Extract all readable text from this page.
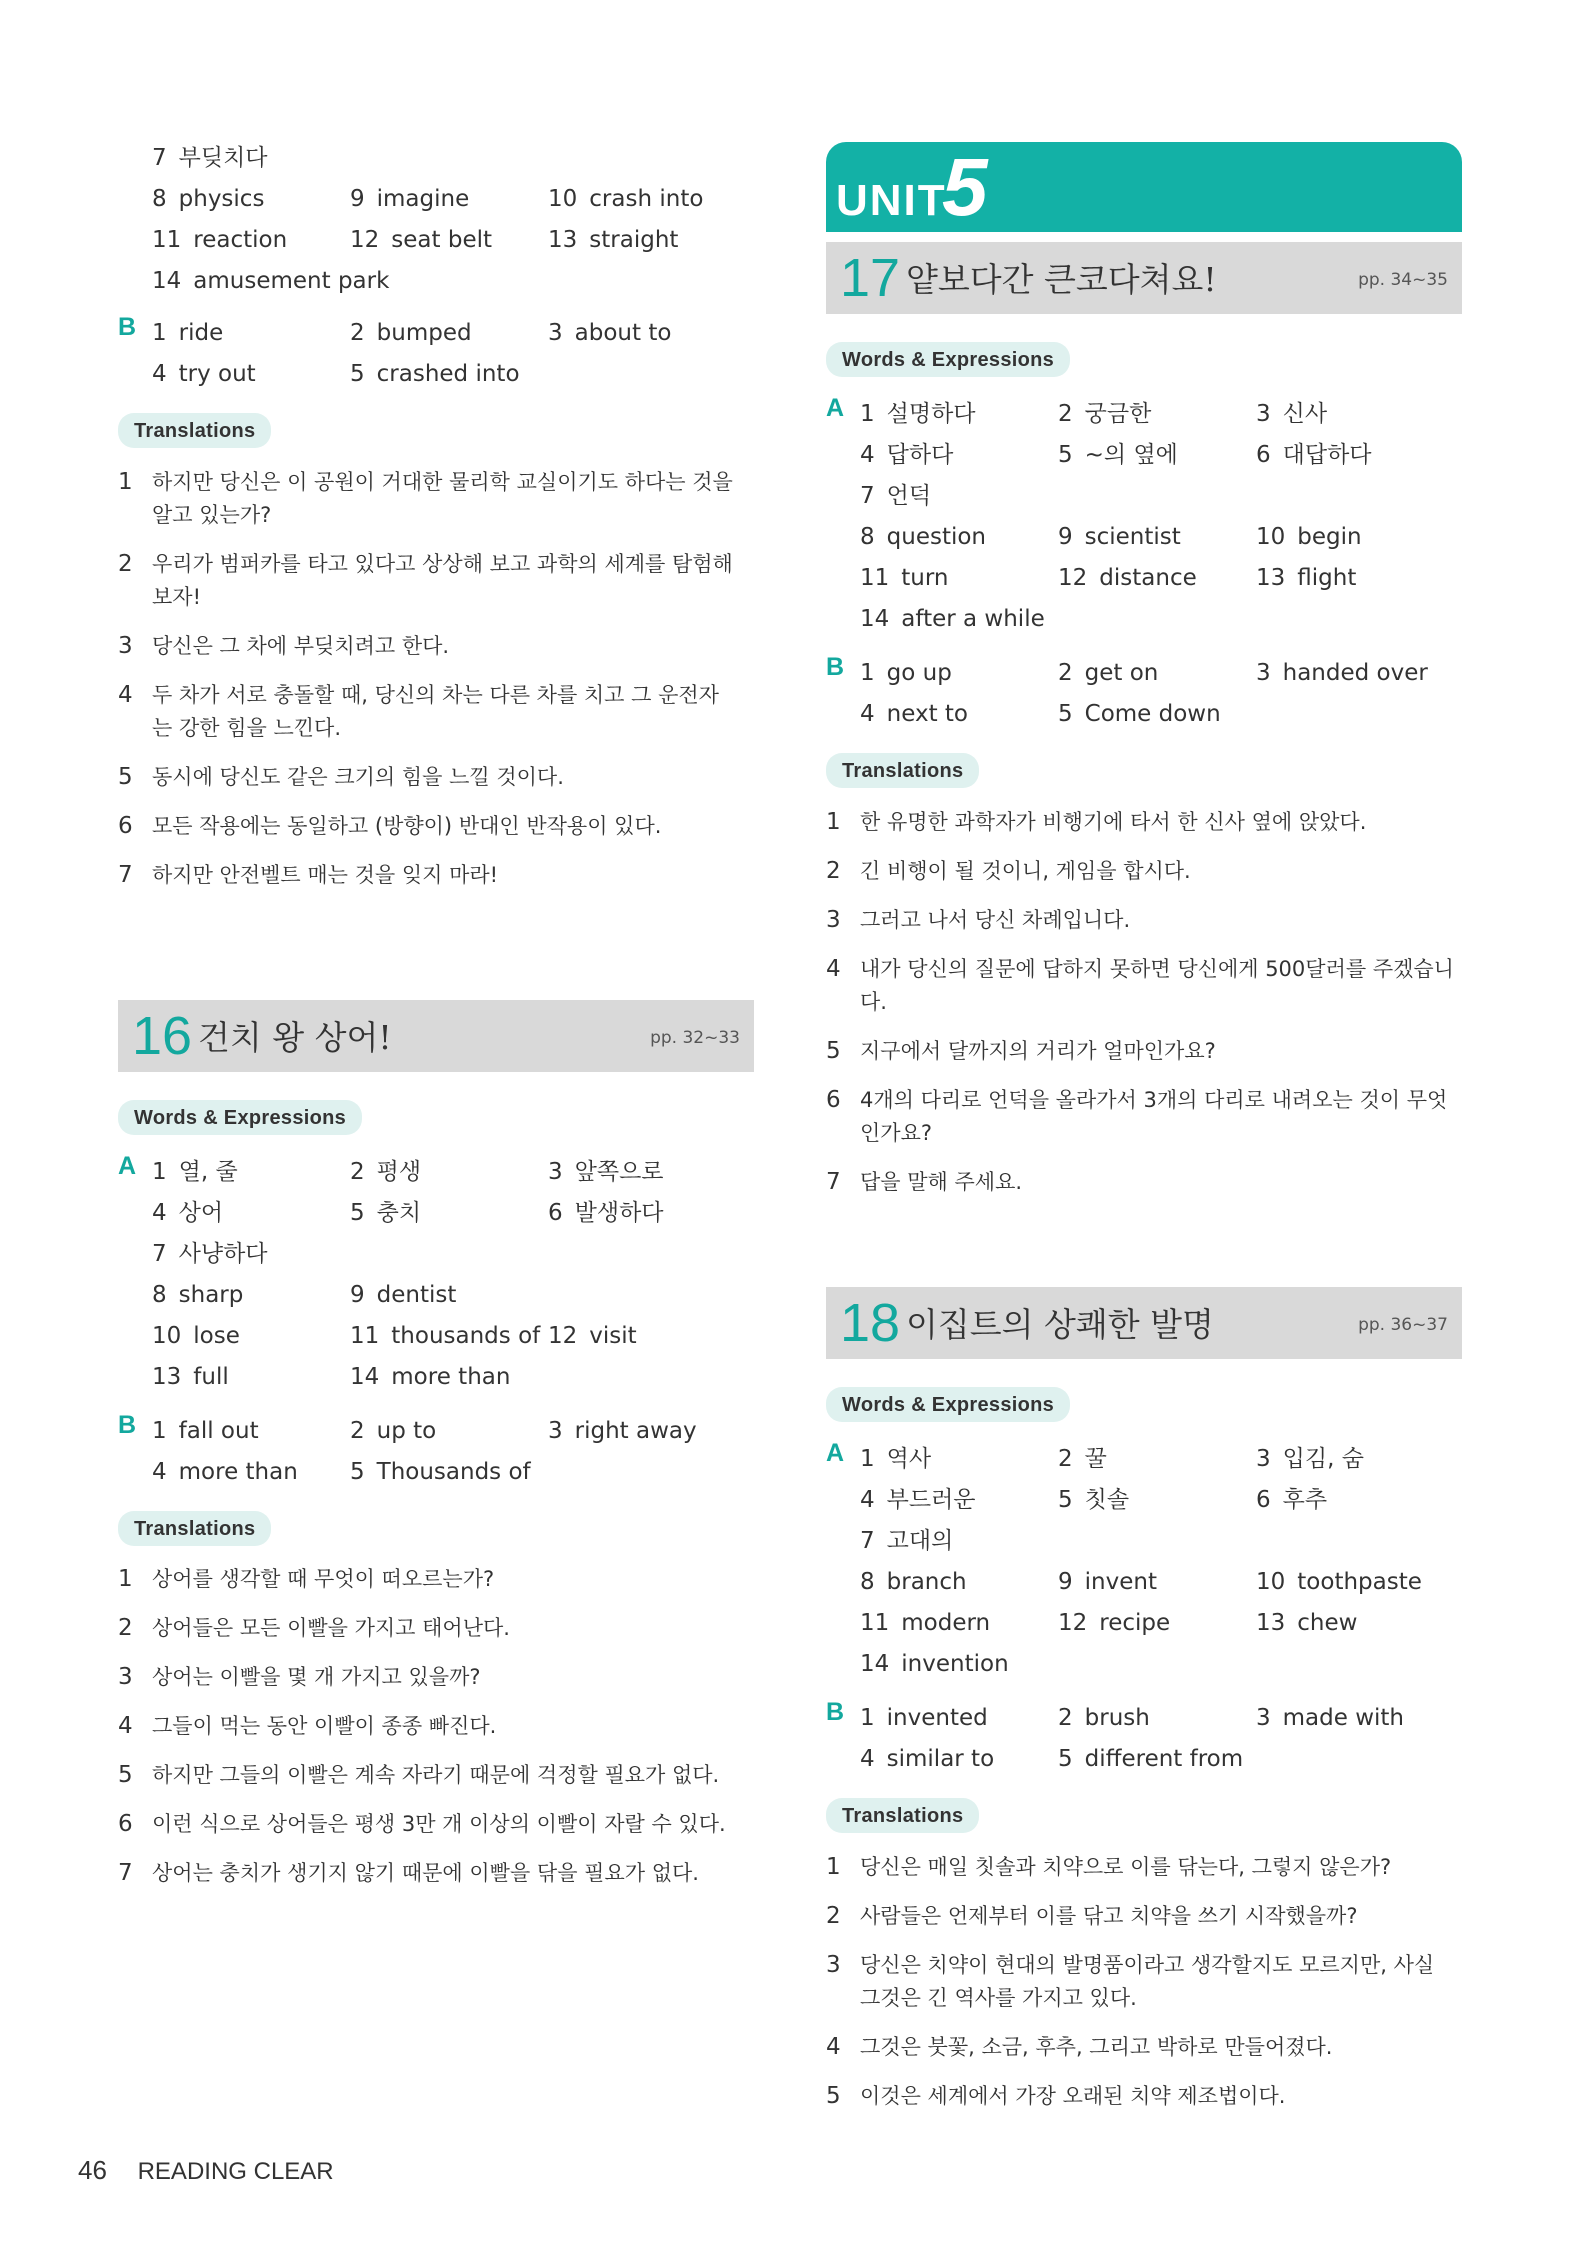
7 부딪치다
8 physics	9 imagine	10 crash into
11 reaction	12 seat belt 13 straight
14 amusement park
B 1 ride	2 bumped	3 about to
4 try out	5 crashed into
Translations
1 하지만 당신은 이 공원이 거대한 물리학 교실이기도 하다는 것을 알고 있는가?
2 우리가 범퍼카를 타고 있다고 상상해 보고 과학의 세계를 탐험해 보자!
3 당신은 그 차에 부딪치려고 한다.
4 두 차가 서로 충돌할 때, 당신의 차는 다른 차를 치고 그 운전자는 강한 힘을 느낀다.
5 동시에 당신도 같은 크기의 힘을 느낄 것이다.
6 모든 작용에는 동일하고 (방향이) 반대인 반작용이 있다.
7 하지만 안전벨트 매는 것을 잊지 마라!
16 건치 왕 상어!	pp. 32~33
Words & Expressions
A 1 열, 줄	2 평생	3 앞쪽으로
4 상어	5 충치	6 발생하다
7 사냥하다
8 sharp	9 dentist
10 lose	11 thousands of 12 visit
13 full	14 more than
B 1 fall out	2 up to	3 right away
4 more than 5 Thousands of
Translations
1 상어를 생각할 때 무엇이 떠오르는가?
2 상어들은 모든 이빨을 가지고 태어난다.
3 상어는 이빨을 몇 개 가지고 있을까?
4 그들이 먹는 동안 이빨이 종종 빠진다.
5 하지만 그들의 이빨은 계속 자라기 때문에 걱정할 필요가 없다.
6 이런 식으로 상어들은 평생 3만 개 이상의 이빨이 자랄 수 있다.
7 상어는 충치가 생기지 않기 때문에 이빨을 닦을 필요가 없다.
UNIT
5
17 얕보다간 큰코다쳐요!	pp. 34~35
Words & Expressions
A 1 설명하다	2 궁금한	3 신사
4 답하다	5 ~의 옆에	6 대답하다
7 언덕
8 question	9 scientist	10 begin
11 turn	12 distance	13 flight
14 after a while
B 1 go up	2 get on	3 handed over
4 next to	5 Come down
Translations
1 한 유명한 과학자가 비행기에 타서 한 신사 옆에 앉았다.
2 긴 비행이 될 것이니, 게임을 합시다.
3 그러고 나서 당신 차례입니다.
4 내가 당신의 질문에 답하지 못하면 당신에게 500달러를 주겠습니다.
5 지구에서 달까지의 거리가 얼마인가요?
6 4개의 다리로 언덕을 올라가서 3개의 다리로 내려오는 것이 무엇인가요?
7 답을 말해 주세요.
18 이집트의 상쾌한 발명	pp. 36~37
Words & Expressions
A 1 역사	2 꿀	3 입김, 숨
4 부드러운	5 칫솔	6 후추
7 고대의
8 branch	9 invent	10 toothpaste
11 modern	12 recipe	13 chew
14 invention
B 1 invented	2 brush	3 made with
4 similar to	5 different from
Translations
1 당신은 매일 칫솔과 치약으로 이를 닦는다, 그렇지 않은가?
2 사람들은 언제부터 이를 닦고 치약을 쓰기 시작했을까?
3 당신은 치약이 현대의 발명품이라고 생각할지도 모르지만, 사실 그것은 긴 역사를 가지고 있다.
4 그것은 붓꽃, 소금, 후추, 그리고 박하로 만들어졌다.
5 이것은 세계에서 가장 오래된 치약 제조법이다.
46 READING CLEAR
